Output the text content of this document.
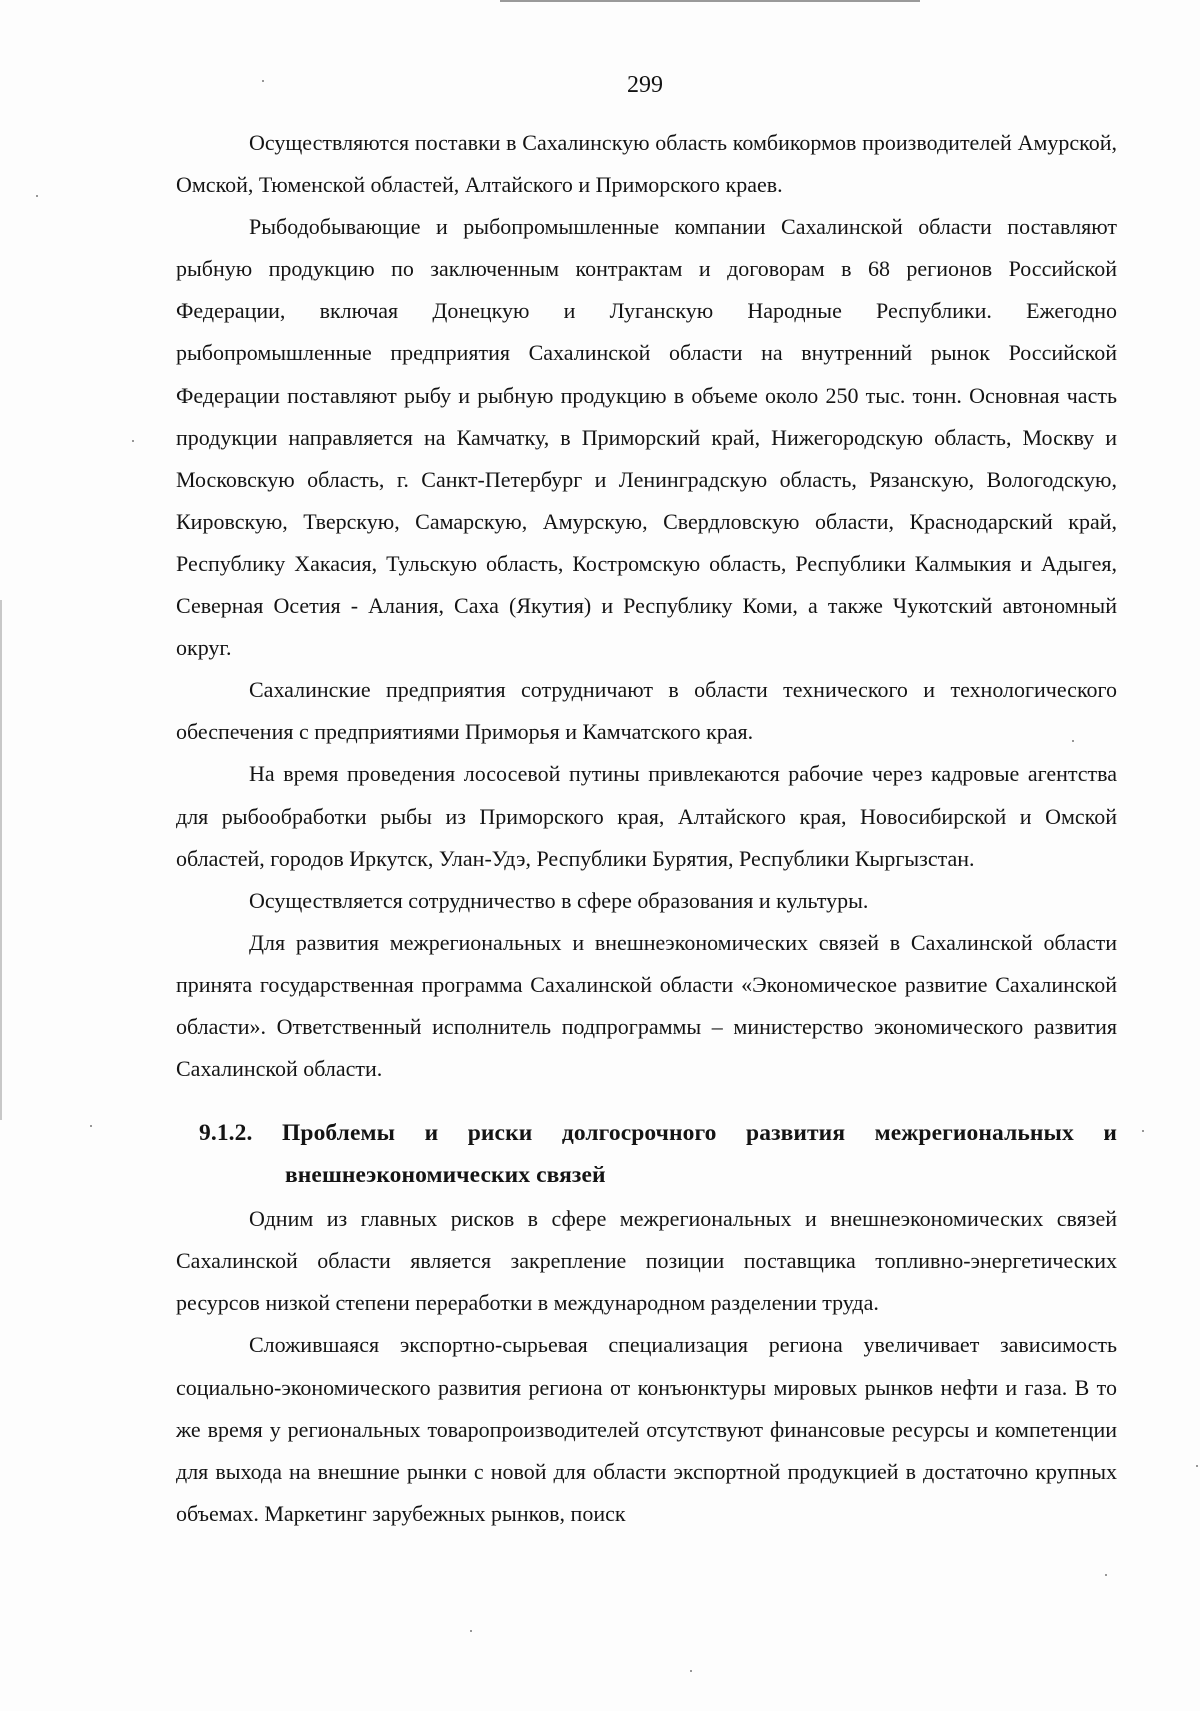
299

Осуществляются поставки в Сахалинскую область комбикормов производителей Амурской, Омской, Тюменской областей, Алтайского и Приморского краев.

Рыбодобывающие и рыбопромышленные компании Сахалинской области поставляют рыбную продукцию по заключенным контрактам и договорам в 68 регионов Российской Федерации, включая Донецкую и Луганскую Народные Республики. Ежегодно рыбопромышленные предприятия Сахалинской области на внутренний рынок Российской Федерации поставляют рыбу и рыбную продукцию в объеме около 250 тыс. тонн. Основная часть продукции направляется на Камчатку, в Приморский край, Нижегородскую область, Москву и Московскую область, г. Санкт-Петербург и Ленинградскую область, Рязанскую, Вологодскую, Кировскую, Тверскую, Самарскую, Амурскую, Свердловскую области, Краснодарский край, Республику Хакасия, Тульскую область, Костромскую область, Республики Калмыкия и Адыгея, Северная Осетия - Алания, Саха (Якутия) и Республику Коми, а также Чукотский автономный округ.

Сахалинские предприятия сотрудничают в области технического и технологического обеспечения с предприятиями Приморья и Камчатского края.

На время проведения лососевой путины привлекаются рабочие через кадровые агентства для рыбообработки рыбы из Приморского края, Алтайского края, Новосибирской и Омской областей, городов Иркутск, Улан-Удэ, Республики Бурятия, Республики Кыргызстан.

Осуществляется сотрудничество в сфере образования и культуры.

Для развития межрегиональных и внешнеэкономических связей в Сахалинской области принята государственная программа Сахалинской области «Экономическое развитие Сахалинской области». Ответственный исполнитель подпрограммы – министерство экономического развития Сахалинской области.

9.1.2. Проблемы и риски долгосрочного развития межрегиональных и внешнеэкономических связей

Одним из главных рисков в сфере межрегиональных и внешнеэкономических связей Сахалинской области является закрепление позиции поставщика топливно-энергетических ресурсов низкой степени переработки в международном разделении труда.

Сложившаяся экспортно-сырьевая специализация региона увеличивает зависимость социально-экономического развития региона от конъюнктуры мировых рынков нефти и газа. В то же время у региональных товаропроизводителей отсутствуют финансовые ресурсы и компетенции для выхода на внешние рынки с новой для области экспортной продукцией в достаточно крупных объемах. Маркетинг зарубежных рынков, поиск
